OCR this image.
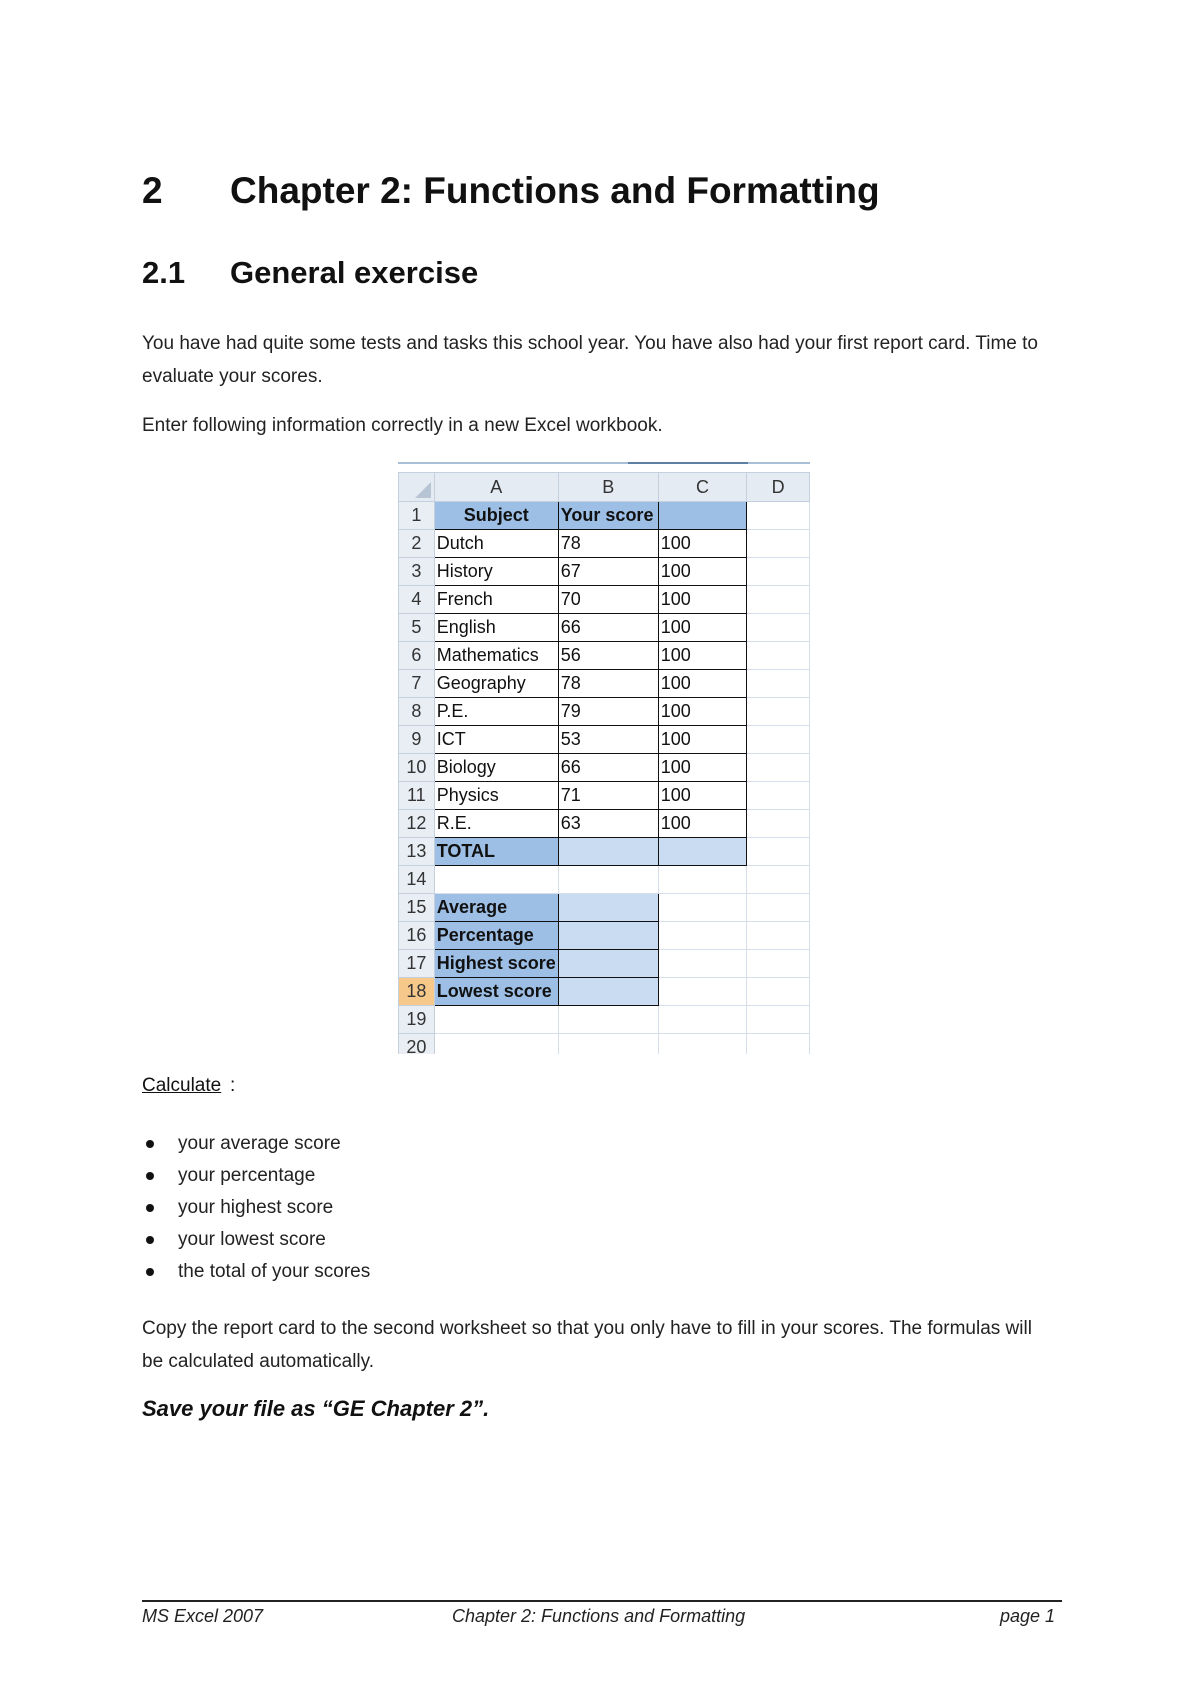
2 Chapter 2: Functions and Formatting
2.1 General exercise
You have had quite some tests and tasks this school year. You have also had your first report card. Time to evaluate your scores.
Enter following information correctly in a new Excel workbook.
	A	B	C	D
1	Subject	Your score		
2	Dutch	78	100	
3	History	67	100	
4	French	70	100	
5	English	66	100	
6	Mathematics	56	100	
7	Geography	78	100	
8	P.E.	79	100	
9	ICT	53	100	
10	Biology	66	100	
11	Physics	71	100	
12	R.E.	63	100	
13	TOTAL			
14				
15	Average			
16	Percentage			
17	Highest score			
18	Lowest score			
19				
20				
Calculate :
your average score
your percentage
your highest score
your lowest score
the total of your scores
Copy the report card to the second worksheet so that you only have to fill in your scores. The formulas will be calculated automatically.
Save your file as “GE Chapter 2”.
MS Excel 2007	Chapter 2: Functions and Formatting	page 1
